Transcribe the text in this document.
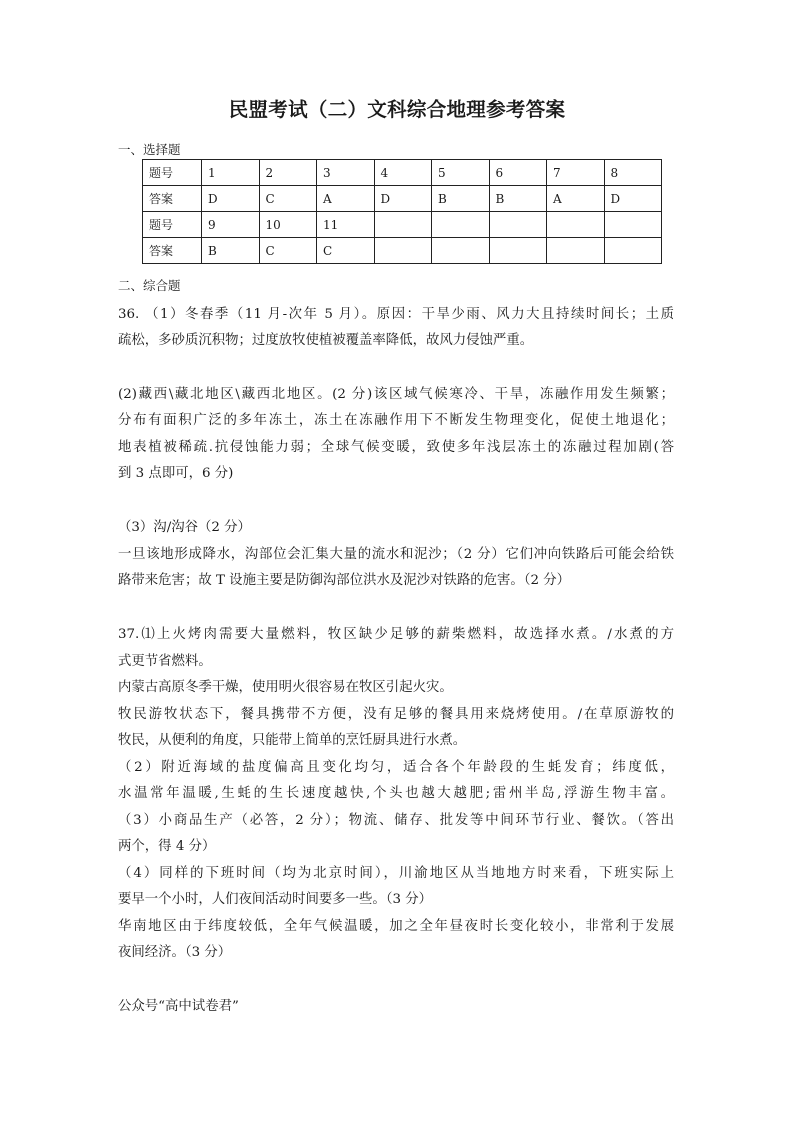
民盟考试（二）文科综合地理参考答案
一、选择题
题号	1	2	3	4	5	6	7	8
答案	D	C	A	D	B	B	A	D
题号	9	10	11					
答案	B	C	C					
二、综合题
36. （1）冬春季（11 月-次年 5 月）。原因：干旱少雨、风力大且持续时间长；土质
疏松，多砂质沉积物；过度放牧使植被覆盖率降低，故风力侵蚀严重。
(2)藏西\藏北地区\藏西北地区。(2 分)该区域气候寒冷、干旱，冻融作用发生频繁；
分布有面积广泛的多年冻土，冻土在冻融作用下不断发生物理变化，促使土地退化；
地表植被稀疏.抗侵蚀能力弱；全球气候变暖，致使多年浅层冻土的冻融过程加剧(答
到 3 点即可，6 分)
（3）沟/沟谷（2 分）
一旦该地形成降水，沟部位会汇集大量的流水和泥沙；（2 分）它们冲向铁路后可能会给铁
路带来危害；故 T 设施主要是防御沟部位洪水及泥沙对铁路的危害。（2 分）
37.⑴上火烤肉需要大量燃料，牧区缺少足够的薪柴燃料，故选择水煮。/水煮的方
式更节省燃料。
内蒙古高原冬季干燥，使用明火很容易在牧区引起火灾。
牧民游牧状态下，餐具携带不方便，没有足够的餐具用来烧烤使用。/在草原游牧的
牧民，从便利的角度，只能带上简单的烹饪厨具进行水煮。
（2）附近海域的盐度偏高且变化均匀，适合各个年龄段的生蚝发育；纬度低，
水温常年温暖,生蚝的生长速度越快,个头也越大越肥;雷州半岛,浮游生物丰富。
（3）小商品生产（必答，2 分）；物流、储存、批发等中间环节行业、餐饮。（答出
两个，得 4 分）
（4）同样的下班时间（均为北京时间），川渝地区从当地地方时来看，下班实际上
要早一个小时，人们夜间活动时间要多一些。（3 分）
华南地区由于纬度较低，全年气候温暖，加之全年昼夜时长变化较小，非常利于发展
夜间经济。（3 分）
公众号“高中试卷君”
